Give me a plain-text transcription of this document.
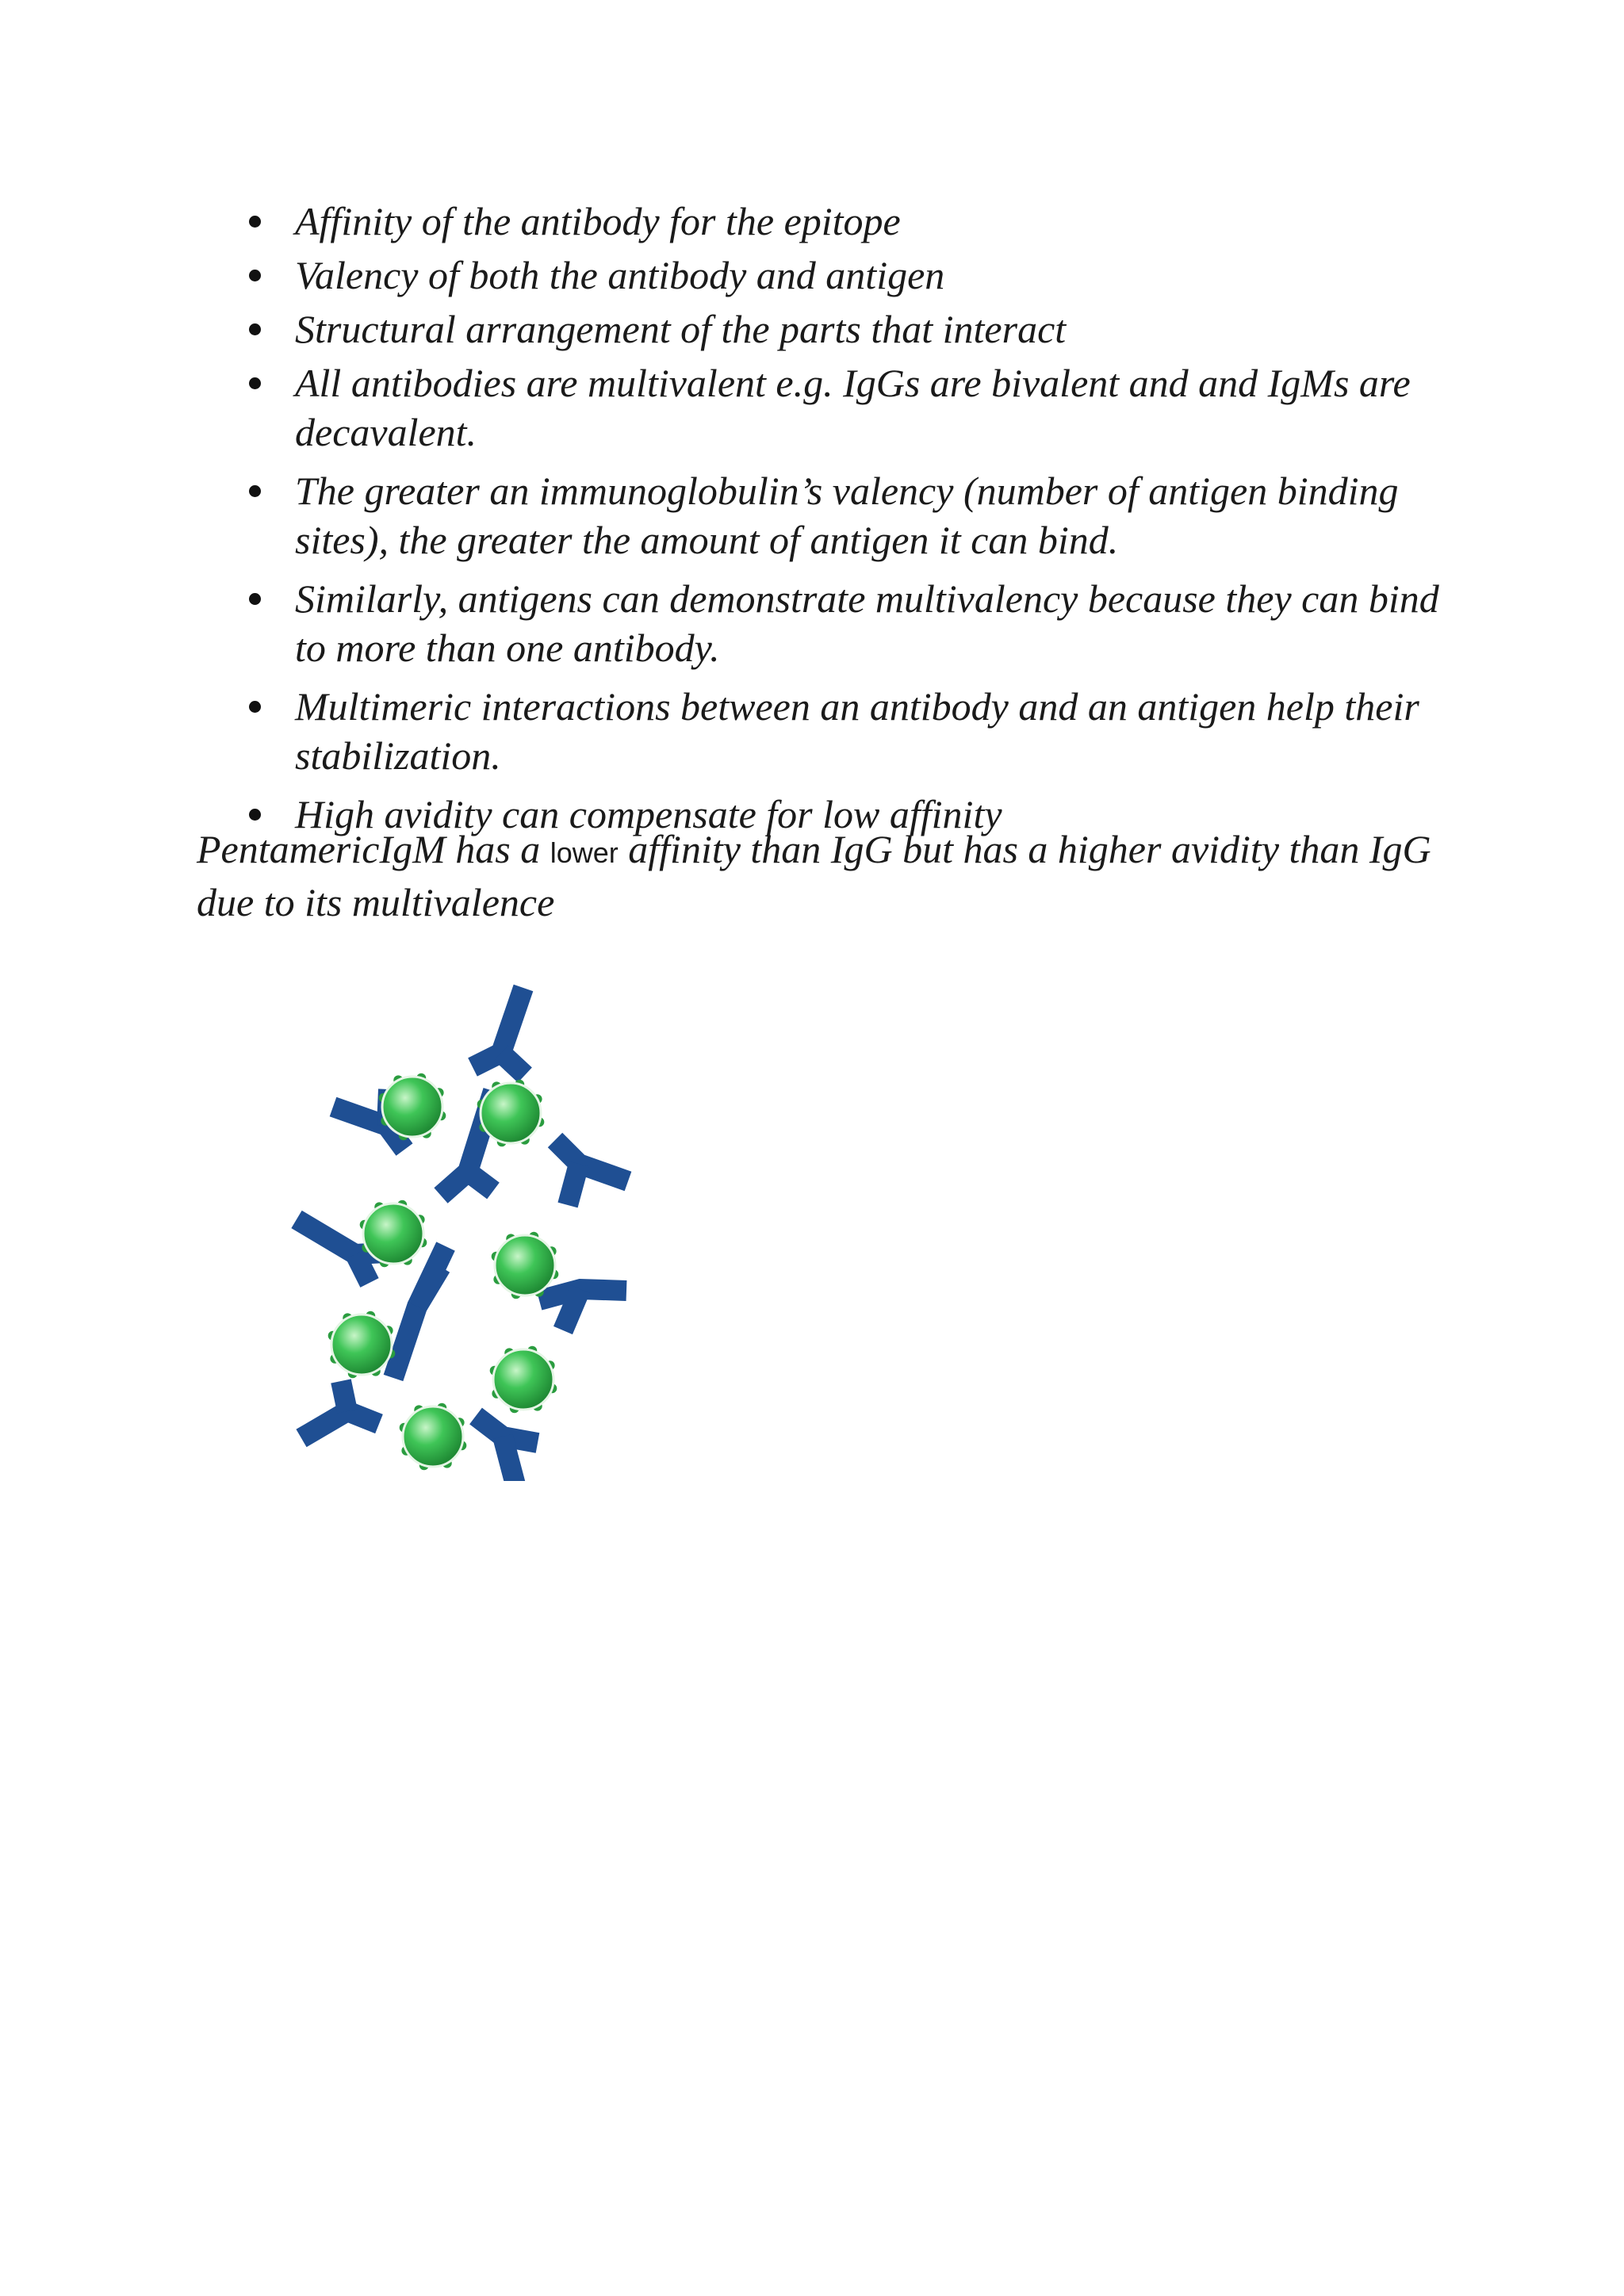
Affinity of the antibody for the epitope
Valency of both the antibody and antigen
Structural arrangement of the parts that interact
All antibodies are multivalent e.g. IgGs are bivalent and and IgMs are decavalent.
The greater an immunoglobulin’s valency (number of antigen binding sites), the greater the amount of antigen it can bind.
Similarly, antigens can demonstrate multivalency because they can bind to more than one antibody.
Multimeric interactions between an antibody and an antigen help their stabilization.
High avidity can compensate for low affinity

PentamericIgM has a lower affinity than IgG but has a higher avidity than IgG due to its multivalence
